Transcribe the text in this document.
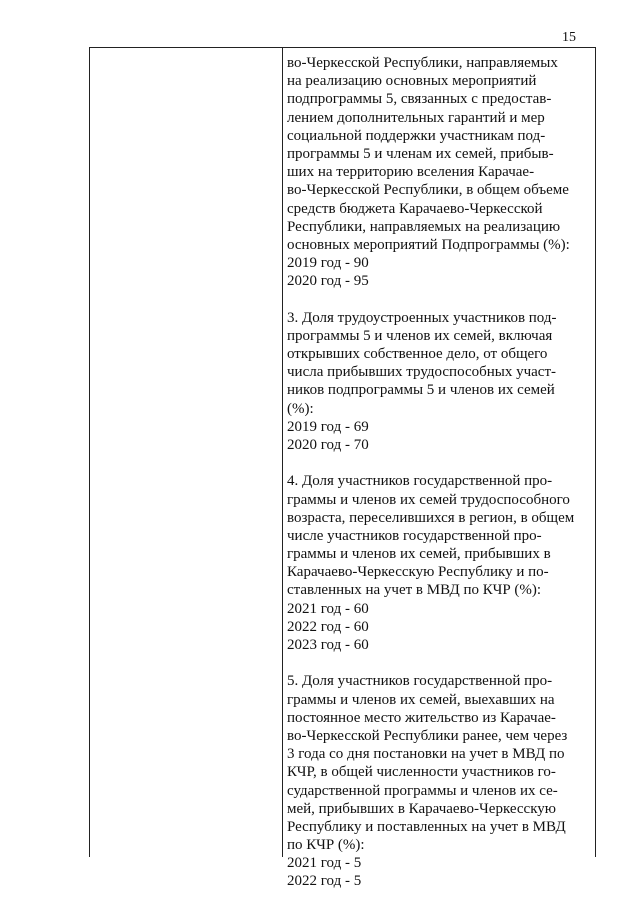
15
во-Черкесской Республики, направляемых
на реализацию основных мероприятий
подпрограммы 5, связанных с предостав-
лением дополнительных гарантий и мер
социальной поддержки участникам под-
программы 5 и членам их семей, прибыв-
ших на территорию вселения Карачае-
во-Черкесской Республики, в общем объеме
средств бюджета Карачаево-Черкесской
Республики, направляемых на реализацию
основных мероприятий Подпрограммы (%):
2019 год - 90
2020 год - 95
3. Доля трудоустроенных участников под-
программы 5 и членов их семей, включая
открывших собственное дело, от общего
числа прибывших трудоспособных участ-
ников подпрограммы 5 и членов их семей
(%):
2019 год - 69
2020 год - 70
4. Доля участников государственной про-
граммы и членов их семей трудоспособного
возраста, переселившихся в регион, в общем
числе участников государственной про-
граммы и членов их семей, прибывших в
Карачаево-Черкесскую Республику и по-
ставленных на учет в МВД по КЧР (%):
2021 год - 60
2022 год - 60
2023 год - 60
5. Доля участников государственной про-
граммы и членов их семей, выехавших на
постоянное место жительство из Карачае-
во-Черкесской Республики ранее, чем через
3 года со дня постановки на учет в МВД по
КЧР, в общей численности участников го-
сударственной программы и членов их се-
мей, прибывших в Карачаево-Черкесскую
Республику и поставленных на учет в МВД
по КЧР (%):
2021 год - 5
2022 год - 5
